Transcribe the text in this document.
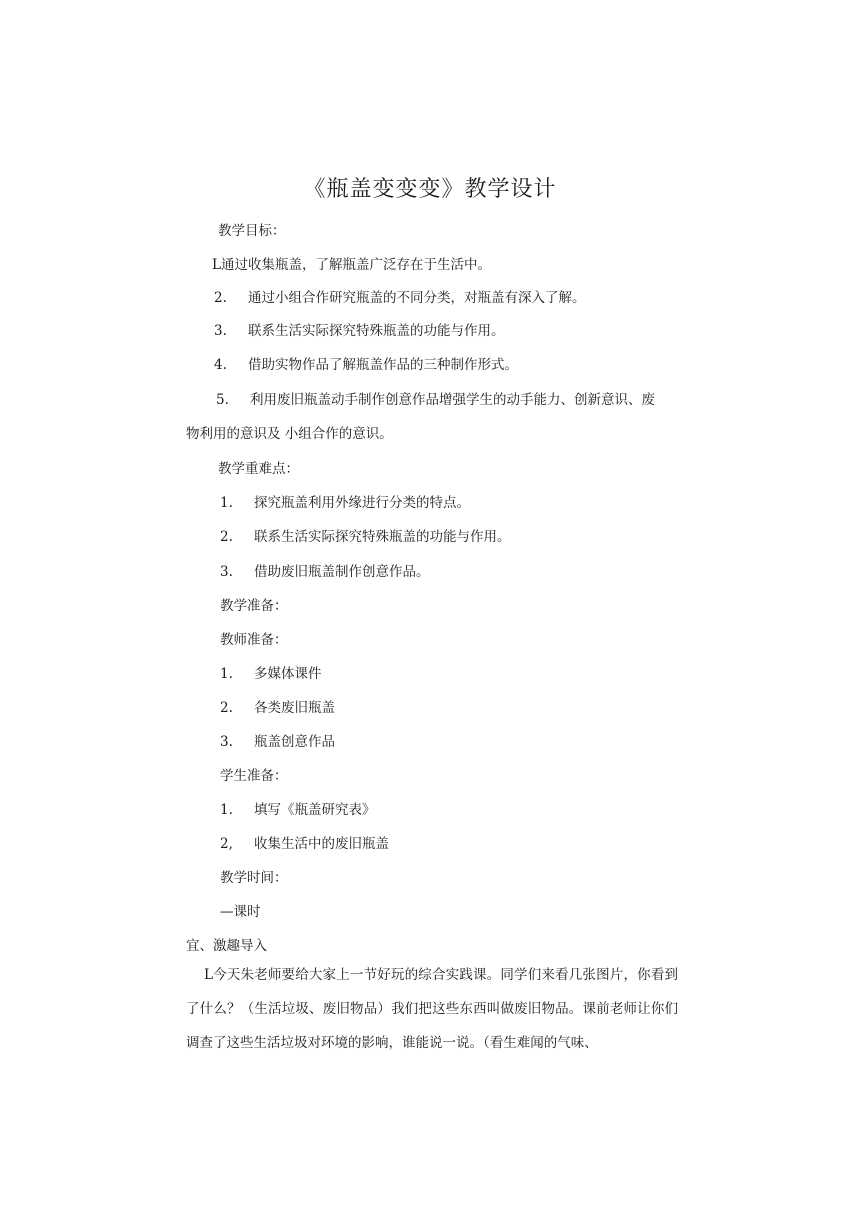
《瓶盖变变变》教学设计
教学目标：
L通过收集瓶盖，了解瓶盖广泛存在于生活中。
2. 通过小组合作研究瓶盖的不同分类，对瓶盖有深入了解。
3. 联系生活实际探究特殊瓶盖的功能与作用。
4. 借助实物作品了解瓶盖作品的三种制作形式。
5. 利用废旧瓶盖动手制作创意作品增强学生的动手能力、创新意识、废
物利用的意识及 小组合作的意识。
教学重难点：
1. 探究瓶盖利用外缘进行分类的特点。
2. 联系生活实际探究特殊瓶盖的功能与作用。
3. 借助废旧瓶盖制作创意作品。
教学准备：
教师准备：
1. 多媒体课件
2. 各类废旧瓶盖
3. 瓶盖创意作品
学生准备：
1. 填写《瓶盖研究表》
2, 收集生活中的废旧瓶盖
教学时间：
—课时
宜、激趣导入
L今天朱老师要给大家上一节好玩的综合实践课。同学们来看几张图片，你看到了什么？（生活垃圾、废旧物品）我们把这些东西叫做废旧物品。课前老师让你们调查了这些生活垃圾对环境的影响，谁能说一说。（看生难闻的气味、
